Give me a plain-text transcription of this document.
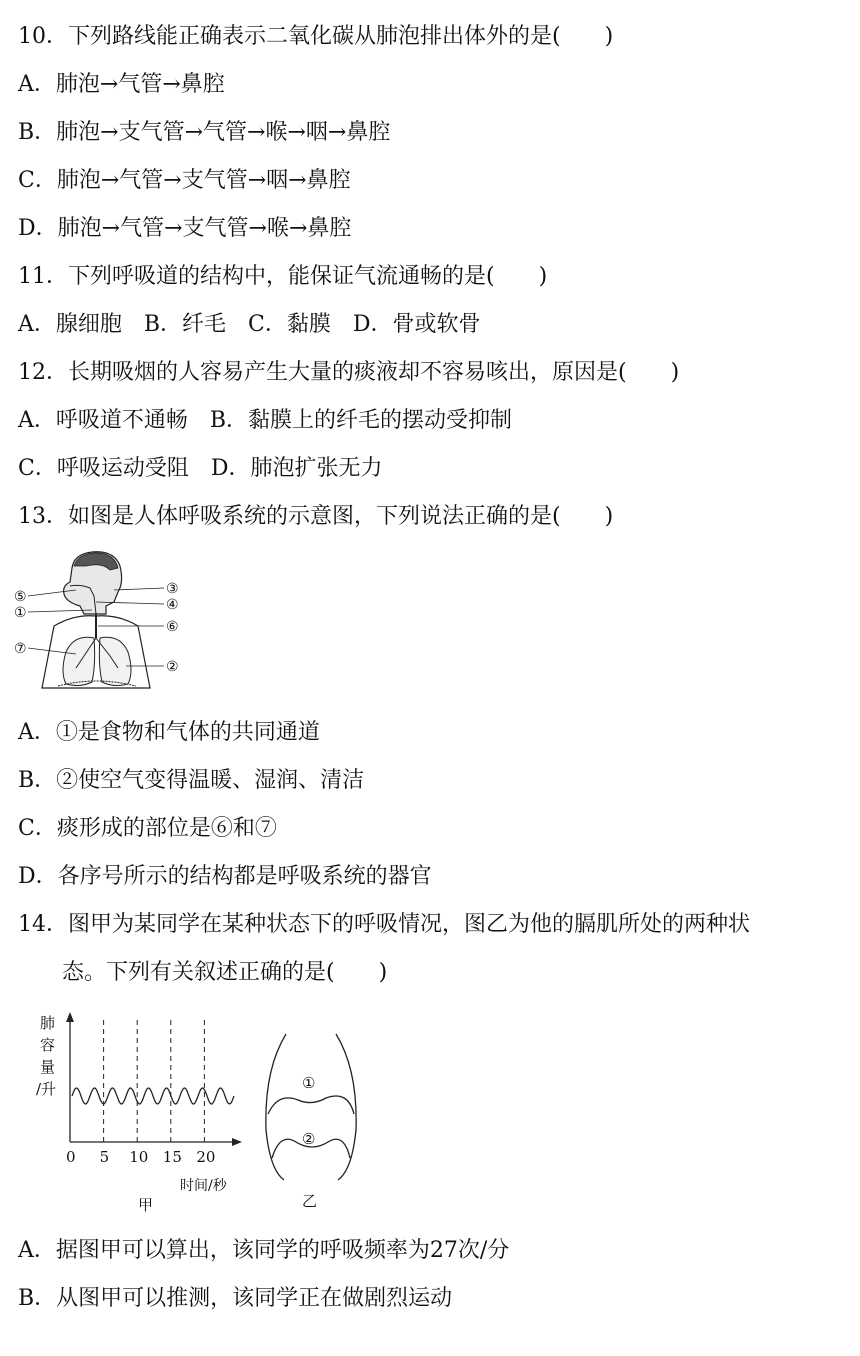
10．下列路线能正确表示二氧化碳从肺泡排出体外的是(　　)
A．肺泡→气管→鼻腔
B．肺泡→支气管→气管→喉→咽→鼻腔
C．肺泡→气管→支气管→咽→鼻腔
D．肺泡→气管→支气管→喉→鼻腔
11．下列呼吸道的结构中，能保证气流通畅的是(　　)
A．腺细胞　B．纤毛　C．黏膜　D．骨或软骨
12．长期吸烟的人容易产生大量的痰液却不容易咳出，原因是(　　)
A．呼吸道不通畅　B．黏膜上的纤毛的摆动受抑制
C．呼吸运动受阻　D．肺泡扩张无力
13．如图是人体呼吸系统的示意图，下列说法正确的是(　　)
③
⑤	④
①
⑥
⑦
②
A．①是食物和气体的共同通道
B．②使空气变得温暖、湿润、清洁
C．痰形成的部位是⑥和⑦
D．各序号所示的结构都是呼吸系统的器官
14．图甲为某同学在某种状态下的呼吸情况，图乙为他的膈肌所处的两种状
态。下列有关叙述正确的是(　　)
肺
容
量
/升
0 5 10 15 20
时间/秒
甲
①
②
乙
A．据图甲可以算出，该同学的呼吸频率为27次/分
B．从图甲可以推测，该同学正在做剧烈运动
